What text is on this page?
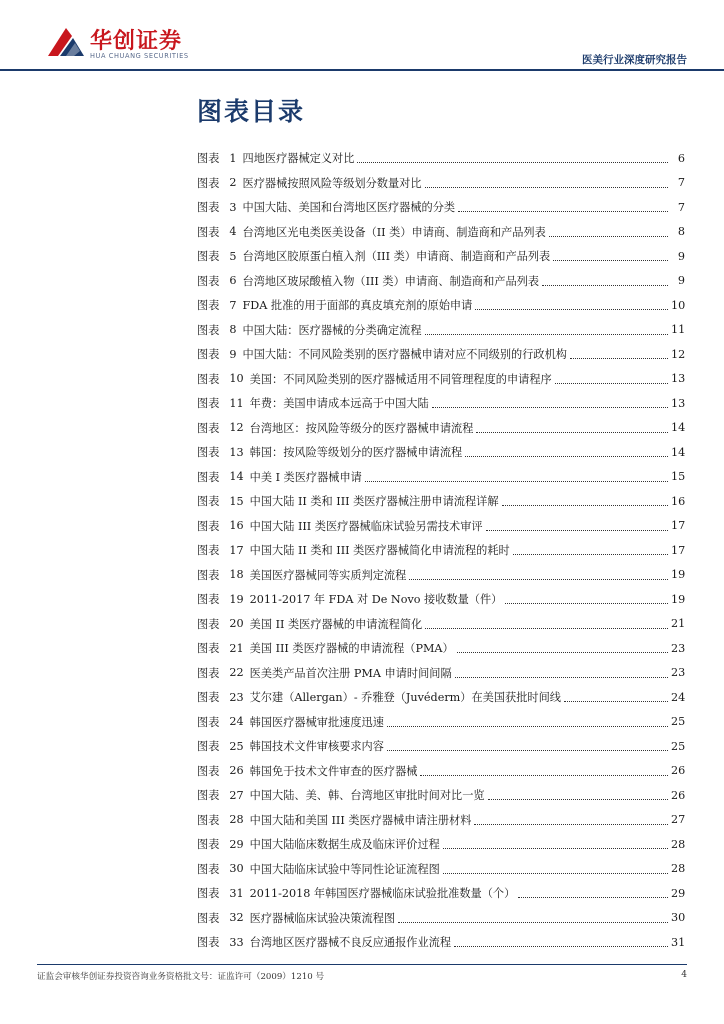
华创证券
HUA CHUANG SECURITIES	医美行业深度研究报告
图表目录
图表 1 四地医疗器械定义对比	6
图表 2 医疗器械按照风险等级划分数量对比	7
图表 3 中国大陆、美国和台湾地区医疗器械的分类	7
图表 4 台湾地区光电类医美设备（II 类）申请商、制造商和产品列表	8
图表 5 台湾地区胶原蛋白植入剂（III 类）申请商、制造商和产品列表	9
图表 6 台湾地区玻尿酸植入物（III 类）申请商、制造商和产品列表	9
图表 7 FDA 批准的用于面部的真皮填充剂的原始申请	10
图表 8 中国大陆：医疗器械的分类确定流程	11
图表 9 中国大陆：不同风险类别的医疗器械申请对应不同级别的行政机构	12
图表 10 美国：不同风险类别的医疗器械适用不同管理程度的申请程序	13
图表 11 年费：美国申请成本远高于中国大陆	13
图表 12 台湾地区：按风险等级分的医疗器械申请流程	14
图表 13 韩国：按风险等级划分的医疗器械申请流程	14
图表 14 中美 I 类医疗器械申请	15
图表 15 中国大陆 II 类和 III 类医疗器械注册申请流程详解	16
图表 16 中国大陆 III 类医疗器械临床试验另需技术审评	17
图表 17 中国大陆 II 类和 III 类医疗器械简化申请流程的耗时	17
图表 18 美国医疗器械同等实质判定流程	19
图表 19 2011-2017 年 FDA 对 De Novo 接收数量（件）	19
图表 20 美国 II 类医疗器械的申请流程简化	21
图表 21 美国 III 类医疗器械的申请流程（PMA）	23
图表 22 医美类产品首次注册 PMA 申请时间间隔	23
图表 23 艾尔建（Allergan）- 乔雅登（Juvéderm）在美国获批时间线	24
图表 24 韩国医疗器械审批速度迅速	25
图表 25 韩国技术文件审核要求内容	25
图表 26 韩国免于技术文件审查的医疗器械	26
图表 27 中国大陆、美、韩、台湾地区审批时间对比一览	26
图表 28 中国大陆和美国 III 类医疗器械申请注册材料	27
图表 29 中国大陆临床数据生成及临床评价过程	28
图表 30 中国大陆临床试验中等同性论证流程图	28
图表 31 2011-2018 年韩国医疗器械临床试验批准数量（个）	29
图表 32 医疗器械临床试验决策流程图	30
图表 33 台湾地区医疗器械不良反应通报作业流程	31
证监会审核华创证券投资咨询业务资格批文号：证监许可（2009）1210 号	4
